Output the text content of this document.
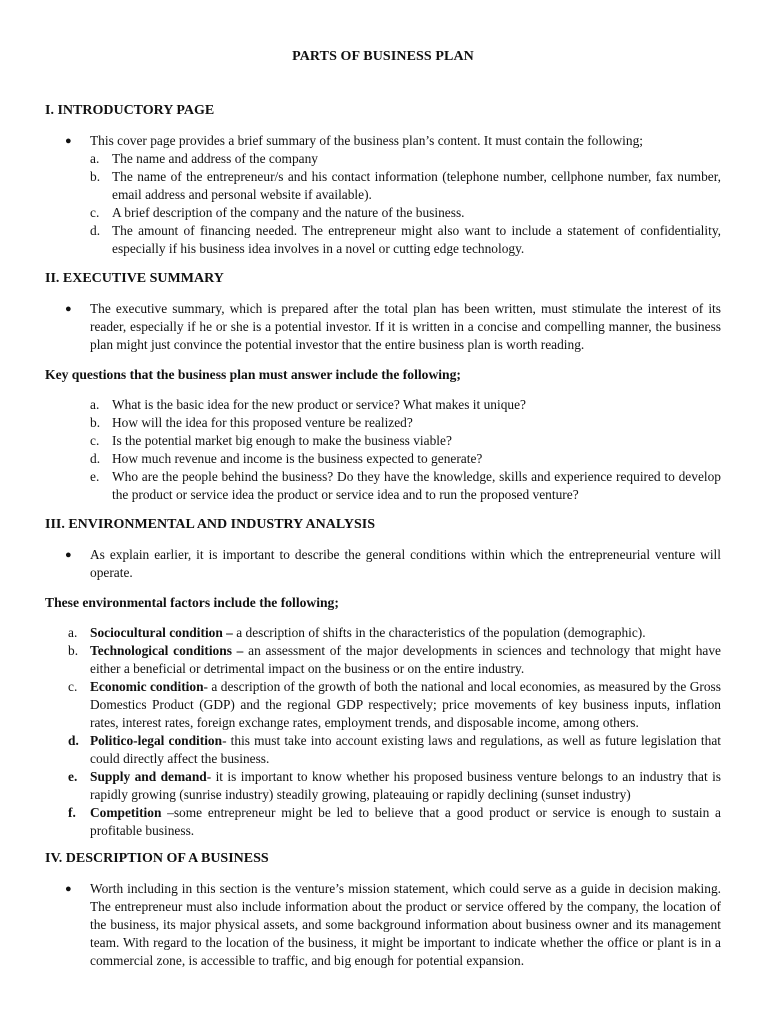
PARTS OF BUSINESS PLAN
I. INTRODUCTORY PAGE
●	This cover page provides a brief summary of the business plan’s content. It must contain the following;
a. The name and address of the company
b. The name of the entrepreneur/s and his contact information (telephone number, cellphone number, fax number, email address and personal website if available).
c. A brief description of the company and the nature of the business.
d. The amount of financing needed. The entrepreneur might also want to include a statement of confidentiality, especially if his business idea involves in a novel or cutting edge technology.
II. EXECUTIVE SUMMARY
●	The executive summary, which is prepared after the total plan has been written, must stimulate the interest of its reader, especially if he or she is a potential investor. If it is written in a concise and compelling manner, the business plan might just convince the potential investor that the entire business plan is worth reading.
Key questions that the business plan must answer include the following;
a. What is the basic idea for the new product or service? What makes it unique?
b. How will the idea for this proposed venture be realized?
c. Is the potential market big enough to make the business viable?
d. How much revenue and income is the business expected to generate?
e. Who are the people behind the business? Do they have the knowledge, skills and experience required to develop the product or service idea the product or service idea and to run the proposed venture?
III. ENVIRONMENTAL AND INDUSTRY ANALYSIS
●	As explain earlier, it is important to describe the general conditions within which the entrepreneurial venture will operate.
These environmental factors include the following;
a. Sociocultural condition – a description of shifts in the characteristics of the population (demographic).
b. Technological conditions – an assessment of the major developments in sciences and technology that might have either a beneficial or detrimental impact on the business or on the entire industry.
c. Economic condition- a description of the growth of both the national and local economies, as measured by the Gross Domestics Product (GDP) and the regional GDP respectively; price movements of key business inputs, inflation rates, interest rates, foreign exchange rates, employment trends, and disposable income, among others.
d. Politico-legal condition- this must take into account existing laws and regulations, as well as future legislation that could directly affect the business.
e. Supply and demand- it is important to know whether his proposed business venture belongs to an industry that is rapidly growing (sunrise industry) steadily growing, plateauing or rapidly declining (sunset industry)
f.	Competition –some entrepreneur might be led to believe that a good product or service is enough to sustain a profitable business.
IV. DESCRIPTION OF A BUSINESS
●	Worth including in this section is the venture’s mission statement, which could serve as a guide in decision making. The entrepreneur must also include information about the product or service offered by the company, the location of the business, its major physical assets, and some background information about business owner and its management team. With regard to the location of the business, it might be important to indicate whether the office or plant is in a commercial zone, is accessible to traffic, and big enough for potential expansion.
